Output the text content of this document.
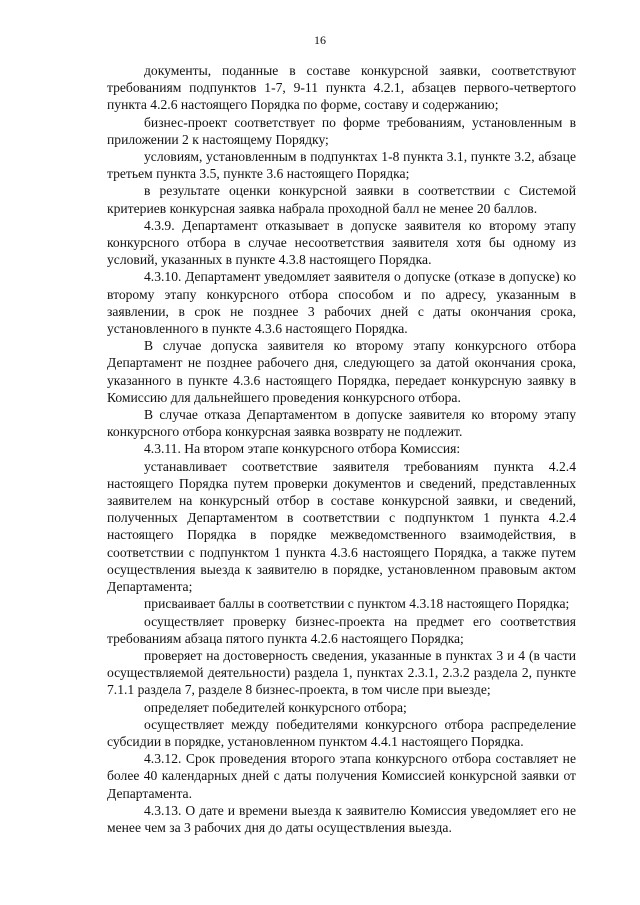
16

документы, поданные в составе конкурсной заявки, соответствуют требованиям подпунктов 1-7, 9-11 пункта 4.2.1, абзацев первого-четвертого пункта 4.2.6 настоящего Порядка по форме, составу и содержанию;

бизнес-проект соответствует по форме требованиям, установленным в приложении 2 к настоящему Порядку;

условиям, установленным в подпунктах 1-8 пункта 3.1, пункте 3.2, абзаце третьем пункта 3.5, пункте 3.6 настоящего Порядка;

в результате оценки конкурсной заявки в соответствии с Системой критериев конкурсная заявка набрала проходной балл не менее 20 баллов.

4.3.9. Департамент отказывает в допуске заявителя ко второму этапу конкурсного отбора в случае несоответствия заявителя хотя бы одному из условий, указанных в пункте 4.3.8 настоящего Порядка.

4.3.10. Департамент уведомляет заявителя о допуске (отказе в допуске) ко второму этапу конкурсного отбора способом и по адресу, указанным в заявлении, в срок не позднее 3 рабочих дней с даты окончания срока, установленного в пункте 4.3.6 настоящего Порядка.

В случае допуска заявителя ко второму этапу конкурсного отбора Департамент не позднее рабочего дня, следующего за датой окончания срока, указанного в пункте 4.3.6 настоящего Порядка, передает конкурсную заявку в Комиссию для дальнейшего проведения конкурсного отбора.

В случае отказа Департаментом в допуске заявителя ко второму этапу конкурсного отбора конкурсная заявка возврату не подлежит.

4.3.11. На втором этапе конкурсного отбора Комиссия:

устанавливает соответствие заявителя требованиям пункта 4.2.4 настоящего Порядка путем проверки документов и сведений, представленных заявителем на конкурсный отбор в составе конкурсной заявки, и сведений, полученных Департаментом в соответствии с подпунктом 1 пункта 4.2.4 настоящего Порядка в порядке межведомственного взаимодействия, в соответствии с подпунктом 1 пункта 4.3.6 настоящего Порядка, а также путем осуществления выезда к заявителю в порядке, установленном правовым актом Департамента;

присваивает баллы в соответствии с пунктом 4.3.18 настоящего Порядка;

осуществляет проверку бизнес-проекта на предмет его соответствия требованиям абзаца пятого пункта 4.2.6 настоящего Порядка;

проверяет на достоверность сведения, указанные в пунктах 3 и 4 (в части осуществляемой деятельности) раздела 1, пунктах 2.3.1, 2.3.2 раздела 2, пункте 7.1.1 раздела 7, разделе 8 бизнес-проекта, в том числе при выезде;

определяет победителей конкурсного отбора;

осуществляет между победителями конкурсного отбора распределение субсидии в порядке, установленном пунктом 4.4.1 настоящего Порядка.

4.3.12. Срок проведения второго этапа конкурсного отбора составляет не более 40 календарных дней с даты получения Комиссией конкурсной заявки от Департамента.

4.3.13. О дате и времени выезда к заявителю Комиссия уведомляет его не менее чем за 3 рабочих дня до даты осуществления выезда.
